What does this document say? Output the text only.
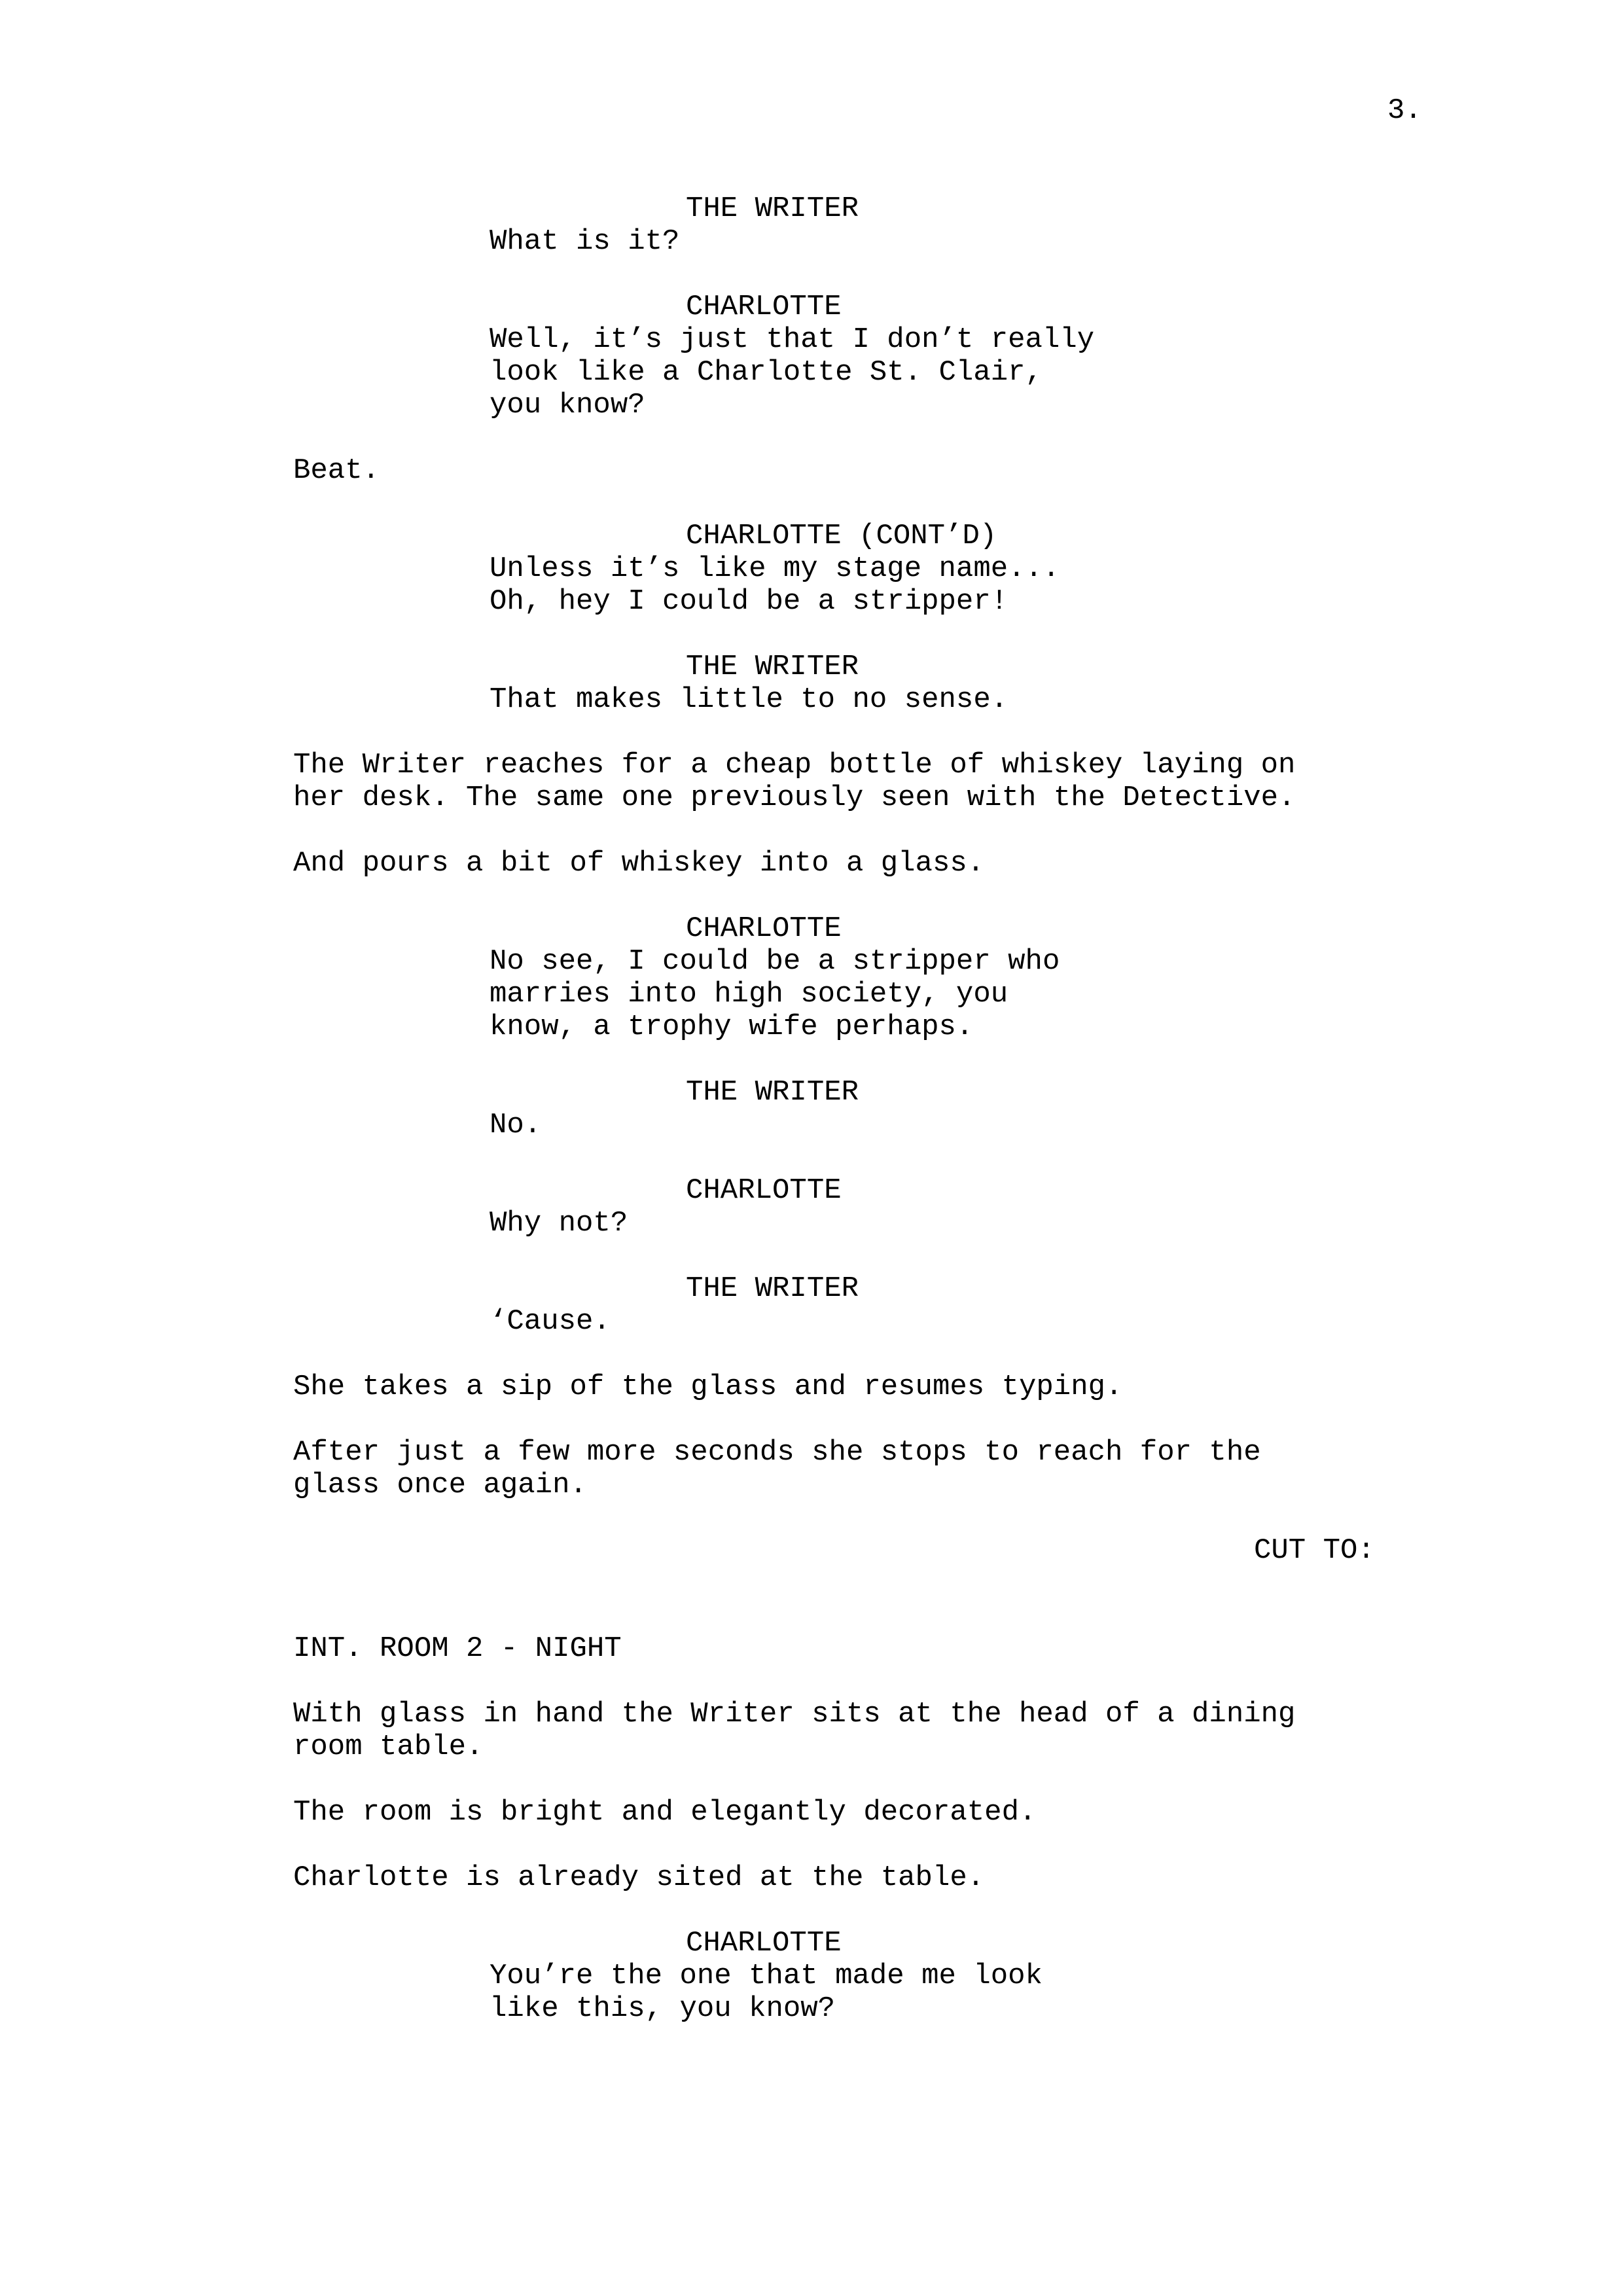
3.
THE WRITER
What is it?
CHARLOTTE
Well, it’s just that I don’t really
look like a Charlotte St. Clair,
you know?
Beat.
CHARLOTTE (CONT’D)
Unless it’s like my stage name...
Oh, hey I could be a stripper!
THE WRITER
That makes little to no sense.
The Writer reaches for a cheap bottle of whiskey laying on
her desk. The same one previously seen with the Detective.
And pours a bit of whiskey into a glass.
CHARLOTTE
No see, I could be a stripper who
marries into high society, you
know, a trophy wife perhaps.
THE WRITER
No.
CHARLOTTE
Why not?
THE WRITER
‘Cause.
She takes a sip of the glass and resumes typing.
After just a few more seconds she stops to reach for the
glass once again.
CUT TO:
INT. ROOM 2 - NIGHT
With glass in hand the Writer sits at the head of a dining
room table.
The room is bright and elegantly decorated.
Charlotte is already sited at the table.
CHARLOTTE
You’re the one that made me look
like this, you know?
